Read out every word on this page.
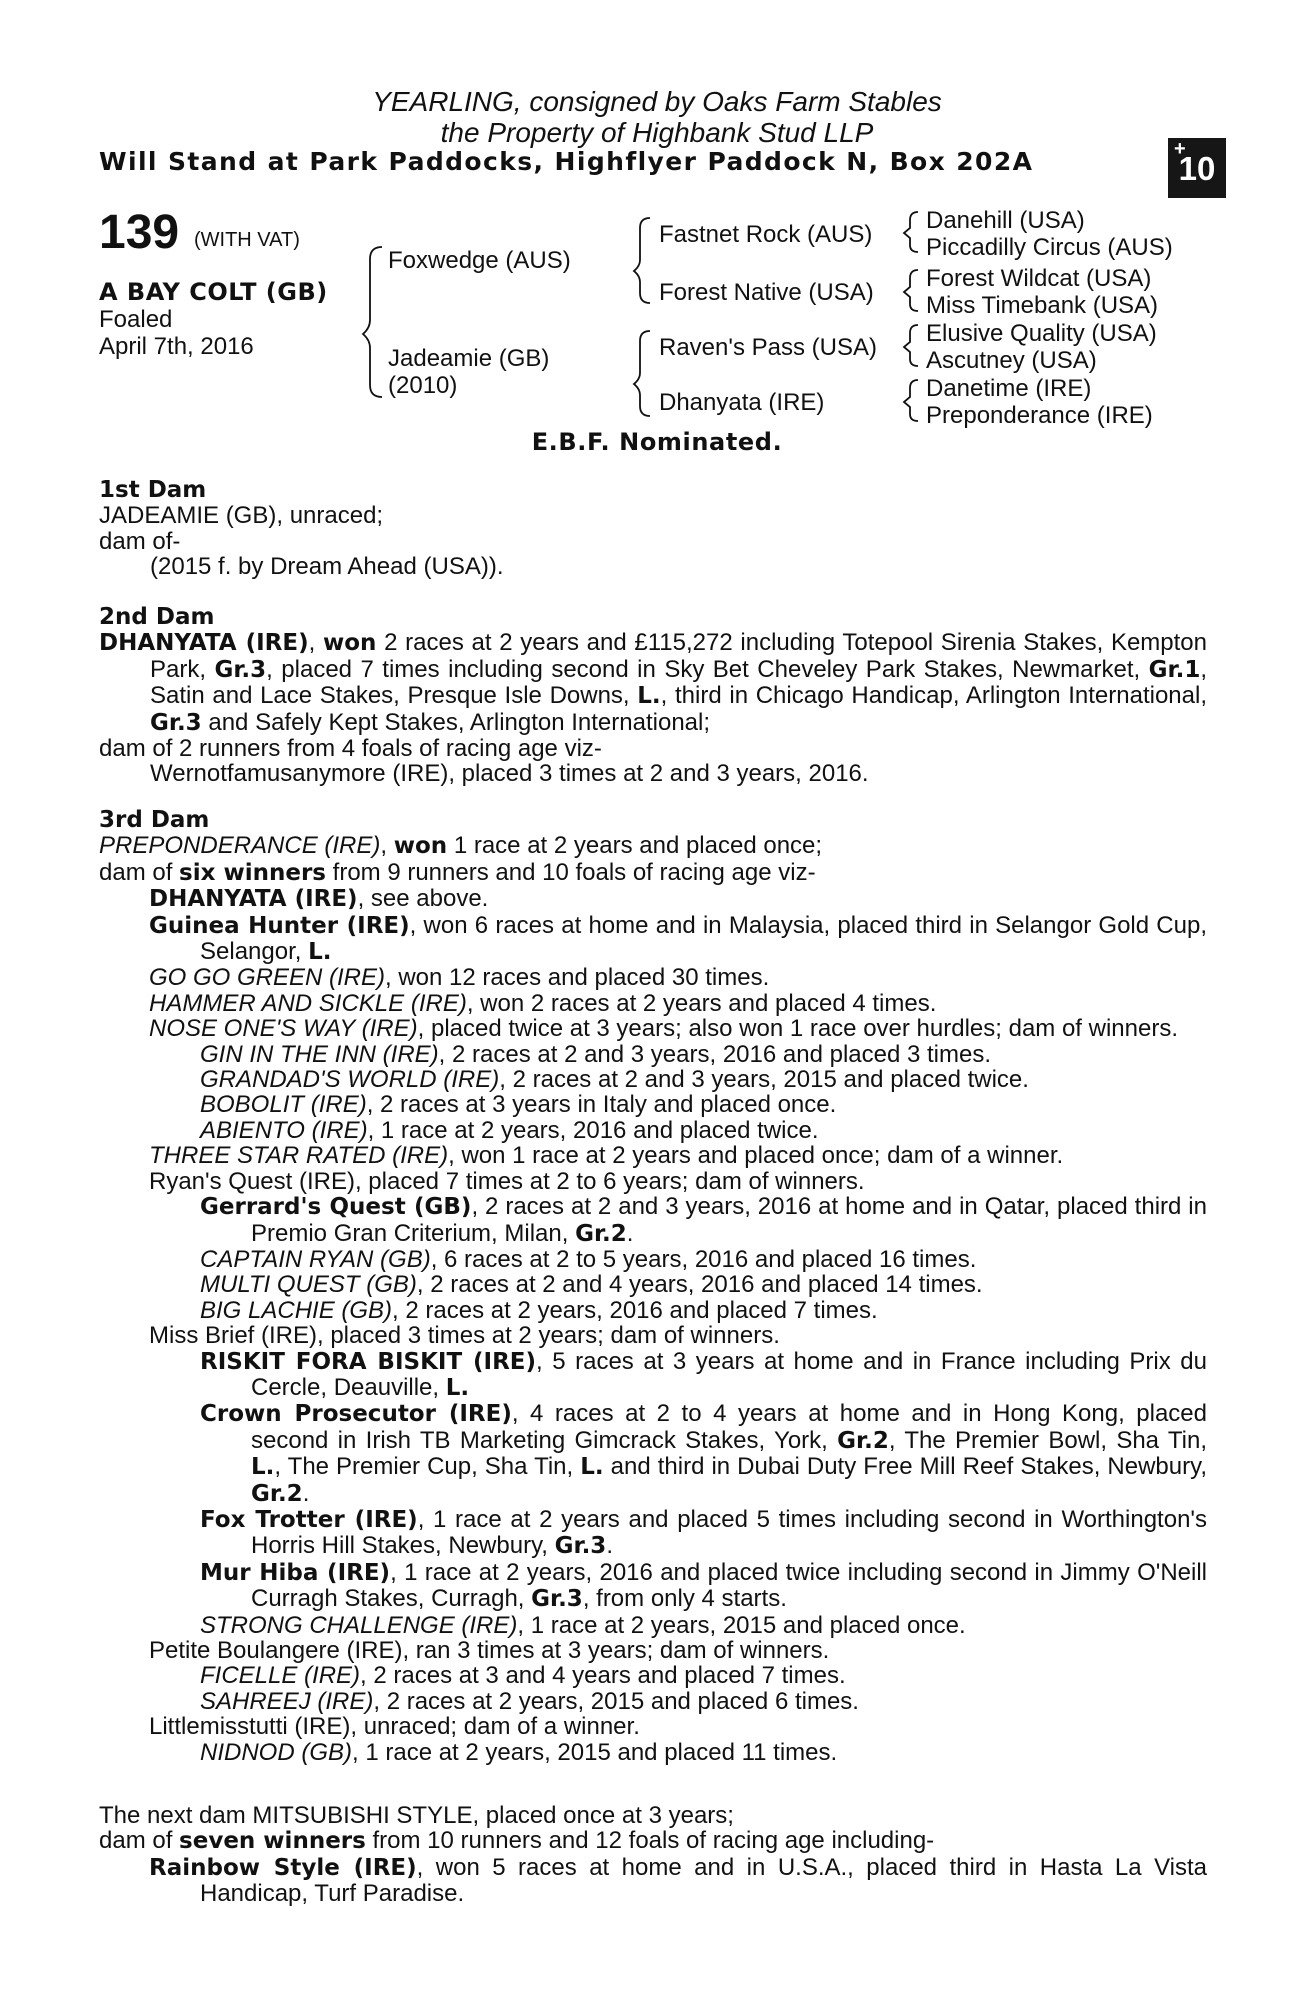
YEARLING, consigned by Oaks Farm Stables
the Property of Highbank Stud LLP
Will Stand at Park Paddocks, Highflyer Paddock N, Box 202A	+
10
139 (WITH VAT)
A BAY COLT (GB)
Foaled
April 7th, 2016
Foxwedge (AUS)
Jadeamie (GB)
(2010)
Fastnet Rock (AUS)
Forest Native (USA)
Raven's Pass (USA)
Dhanyata (IRE)
Danehill (USA)
Piccadilly Circus (AUS)
Forest Wildcat (USA)
Miss Timebank (USA)
Elusive Quality (USA)
Ascutney (USA)
Danetime (IRE)
Preponderance (IRE)
E.B.F. Nominated.
1st Dam
JADEAMIE (GB), unraced;
dam of-
(2015 f. by Dream Ahead (USA)).
2nd Dam
DHANYATA (IRE), won 2 races at 2 years and £115,272 including Totepool Sirenia Stakes, Kempton Park, Gr.3, placed 7 times including second in Sky Bet Cheveley Park Stakes, Newmarket, Gr.1, Satin and Lace Stakes, Presque Isle Downs, L., third in Chicago Handicap, Arlington International, Gr.3 and Safely Kept Stakes, Arlington International;
dam of 2 runners from 4 foals of racing age viz-
Wernotfamusanymore (IRE), placed 3 times at 2 and 3 years, 2016.
3rd Dam
PREPONDERANCE (IRE), won 1 race at 2 years and placed once;
dam of six winners from 9 runners and 10 foals of racing age viz-
DHANYATA (IRE), see above.
Guinea Hunter (IRE), won 6 races at home and in Malaysia, placed third in Selangor Gold Cup, Selangor, L.
GO GO GREEN (IRE), won 12 races and placed 30 times.
HAMMER AND SICKLE (IRE), won 2 races at 2 years and placed 4 times.
NOSE ONE'S WAY (IRE), placed twice at 3 years; also won 1 race over hurdles; dam of winners.
GIN IN THE INN (IRE), 2 races at 2 and 3 years, 2016 and placed 3 times.
GRANDAD'S WORLD (IRE), 2 races at 2 and 3 years, 2015 and placed twice.
BOBOLIT (IRE), 2 races at 3 years in Italy and placed once.
ABIENTO (IRE), 1 race at 2 years, 2016 and placed twice.
THREE STAR RATED (IRE), won 1 race at 2 years and placed once; dam of a winner.
Ryan's Quest (IRE), placed 7 times at 2 to 6 years; dam of winners.
Gerrard's Quest (GB), 2 races at 2 and 3 years, 2016 at home and in Qatar, placed third in Premio Gran Criterium, Milan, Gr.2.
CAPTAIN RYAN (GB), 6 races at 2 to 5 years, 2016 and placed 16 times.
MULTI QUEST (GB), 2 races at 2 and 4 years, 2016 and placed 14 times.
BIG LACHIE (GB), 2 races at 2 years, 2016 and placed 7 times.
Miss Brief (IRE), placed 3 times at 2 years; dam of winners.
RISKIT FORA BISKIT (IRE), 5 races at 3 years at home and in France including Prix du Cercle, Deauville, L.
Crown Prosecutor (IRE), 4 races at 2 to 4 years at home and in Hong Kong, placed second in Irish TB Marketing Gimcrack Stakes, York, Gr.2, The Premier Bowl, Sha Tin, L., The Premier Cup, Sha Tin, L. and third in Dubai Duty Free Mill Reef Stakes, Newbury, Gr.2.
Fox Trotter (IRE), 1 race at 2 years and placed 5 times including second in Worthington's Horris Hill Stakes, Newbury, Gr.3.
Mur Hiba (IRE), 1 race at 2 years, 2016 and placed twice including second in Jimmy O'Neill Curragh Stakes, Curragh, Gr.3, from only 4 starts.
STRONG CHALLENGE (IRE), 1 race at 2 years, 2015 and placed once.
Petite Boulangere (IRE), ran 3 times at 3 years; dam of winners.
FICELLE (IRE), 2 races at 3 and 4 years and placed 7 times.
SAHREEJ (IRE), 2 races at 2 years, 2015 and placed 6 times.
Littlemisstutti (IRE), unraced; dam of a winner.
NIDNOD (GB), 1 race at 2 years, 2015 and placed 11 times.
The next dam MITSUBISHI STYLE, placed once at 3 years;
dam of seven winners from 10 runners and 12 foals of racing age including-
Rainbow Style (IRE), won 5 races at home and in U.S.A., placed third in Hasta La Vista Handicap, Turf Paradise.
